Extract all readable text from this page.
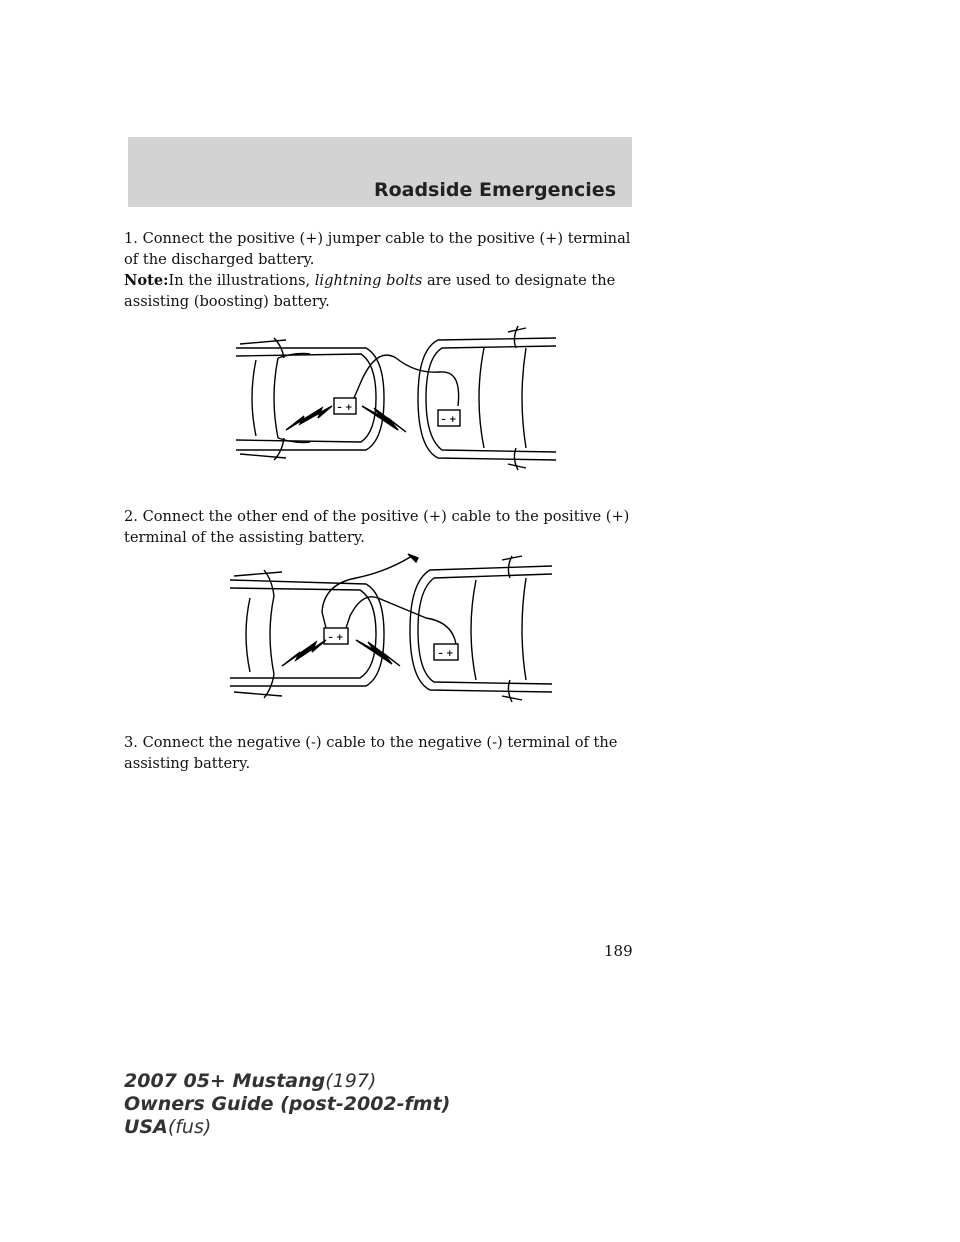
Roadside Emergencies

1. Connect the positive (+) jumper cable to the positive (+) terminal of the discharged battery.

Note:In the illustrations, lightning bolts are used to designate the assisting (boosting) battery.

– +
– +

2. Connect the other end of the positive (+) cable to the positive (+) terminal of the assisting battery.

– +
– +

3. Connect the negative (-) cable to the negative (-) terminal of the assisting battery.

189
2007 05+ Mustang(197)
Owners Guide (post-2002-fmt)
USA(fus)
